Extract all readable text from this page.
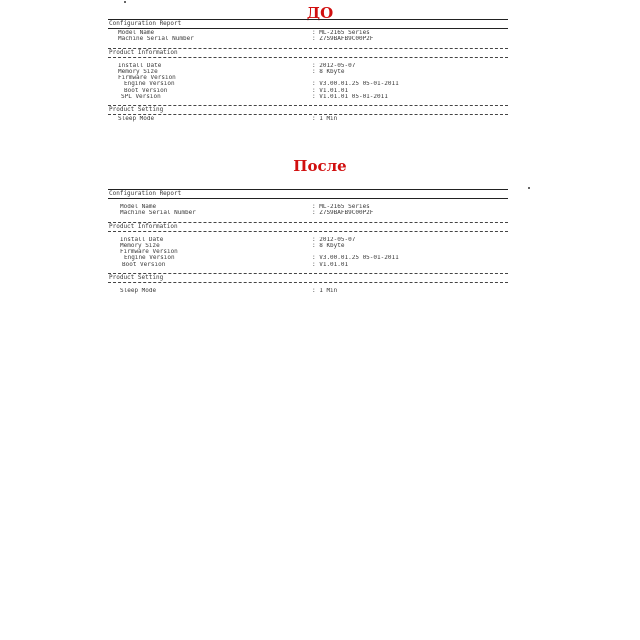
ДО
Configuration Report
Model Name	: ML-2165 Series
Machine Serial Number	: Z7S9BAFB9C00P2F
Product Information
Install Date	: 2012-05-07
Memory Size	: 8 Kbyte
Firmware Version
Engine Version	: V3.00.01.25 05-01-2011
Boot Version	: V1.01.01
SPL Version	: V1.01.01 05-01-2011
Product Setting
Sleep Mode	: 1 Min
После
Configuration Report
Model Name	: ML-2165 Series
Machine Serial Number	: Z7S9BAFB9C00P2F
Product Information
Install Date	: 2012-05-07
Memory Size	: 8 Kbyte
Firmware Version
Engine Version	: V3.00.01.25 05-01-2011
Boot Version	: V1.01.01
Product Setting
Sleep Mode	: 1 Min
